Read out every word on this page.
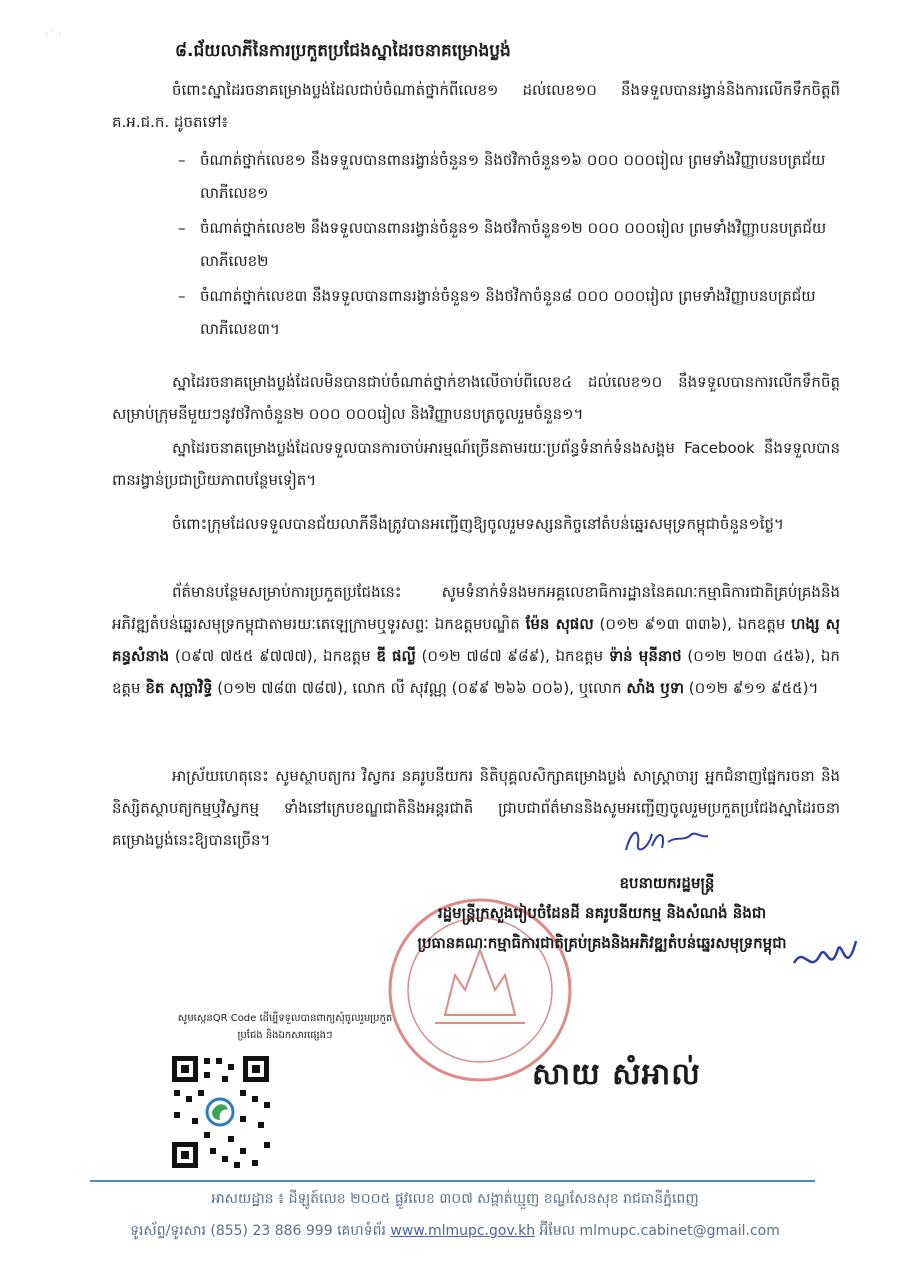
· ˙ ·
៨.ជ័យលាភីនៃការប្រកួតប្រជែងស្នាដៃរចនាគម្រោងប្លង់

ចំពោះស្នាដៃរចនាគម្រោងប្លង់ដែលជាប់ចំណាត់ថ្នាក់ពីលេខ១ ដល់លេខ១០ នឹងទទួលបានរង្វាន់និងការលើកទឹកចិត្តពី គ.អ.ជ.ក. ដូចតទៅ៖

– ចំណាត់ថ្នាក់លេខ១ នឹងទទួលបានពានរង្វាន់ចំនួន១ និងថវិកាចំនួន១៦ ០០០ ០០០រៀល ព្រមទាំងវិញ្ញាបនបត្រជ័យលាភីលេខ១
– ចំណាត់ថ្នាក់លេខ២ នឹងទទួលបានពានរង្វាន់ចំនួន១ និងថវិកាចំនួន១២ ០០០ ០០០រៀល ព្រមទាំងវិញ្ញាបនបត្រជ័យលាភីលេខ២
– ចំណាត់ថ្នាក់លេខ៣ នឹងទទួលបានពានរង្វាន់ចំនួន១ និងថវិកាចំនួន៨ ០០០ ០០០រៀល ព្រមទាំងវិញ្ញាបនបត្រជ័យលាភីលេខ៣។

ស្នាដៃរចនាគម្រោងប្លង់ដែលមិនបានជាប់ចំណាត់ថ្នាក់ខាងលើចាប់ពីលេខ៤ ដល់លេខ១០ នឹងទទួលបានការលើកទឹកចិត្តសម្រាប់ក្រុមនីមួយៗនូវថវិកាចំនួន២ ០០០ ០០០រៀល និងវិញ្ញាបនបត្រចូលរួមចំនួន១។

ស្នាដៃរចនាគម្រោងប្លង់ដែលទទួលបានការចាប់អារម្មណ៍ច្រើនតាមរយៈប្រព័ន្ធទំនាក់ទំនងសង្គម Facebook នឹងទទួលបានពានរង្វាន់ប្រជាប្រិយភាពបន្ថែមទៀត។

ចំពោះក្រុមដែលទទួលបានជ័យលាភីនឹងត្រូវបានអញ្ជើញឱ្យចូលរួមទស្សនកិច្ចនៅតំបន់ឆ្នេរសមុទ្រកម្ពុជាចំនួន១ថ្ងៃ។

ព័ត៌មានបន្ថែមសម្រាប់ការប្រកួតប្រជែងនេះ សូមទំនាក់ទំនងមកអគ្គលេខាធិការដ្ឋាននៃគណៈកម្មាធិការជាតិគ្រប់គ្រងនិងអភិវឌ្ឍតំបន់ឆ្នេរសមុទ្រកម្ពុជាតាមរយៈតេឡេក្រាមឬទូរសព្ទៈ ឯកឧត្តមបណ្ឌិត ម៉ែន សុផល (០១២ ៩១៣ ៣៣៦), ឯកឧត្តម ហង្ស សុគន្ធសំនាង (០៩៧ ៧៥៥ ៩៧៧៧), ឯកឧត្តម ឌី ផល្លី (០១២ ៧៨៧ ៩៨៩), ឯកឧត្តម ទ៉ាន់ មុនីនាថ (០១២ ២០៣ ៤៥៦), ឯកឧត្តម ខិត សុច្ឆាវិទ្ធិ (០១២ ៧៨៣ ៧៨៧), លោក លី សុវណ្ណ (០៩៩ ២៦៦ ០០៦), ឬលោក សាំង ឫទា (០១២ ៩១១ ៩៥៥)។

អាស្រ័យហេតុនេះ សូមស្ថាបត្យករ វិស្វករ នគរូបនីយករ និតិបុគ្គលសិក្សាគម្រោងប្លង់ សាស្ត្រាចារ្យ អ្នកជំនាញផ្នែករចនា និងនិស្សិតស្ថាបត្យកម្មឬវិស្វកម្ម ទាំងនៅក្រេបខណ្ឌជាតិនិងអន្តរជាតិ ជ្រាបជាព័ត៌មាននិងសូមអញ្ជើញចូលរួមប្រកួតប្រជែងស្នាដៃរចនាគម្រោងប្លង់នេះឱ្យបានច្រើន។

ឧបនាយករដ្ឋមន្ត្រី
រដ្ឋមន្ត្រីក្រសួងរៀបចំដែនដី នគរូបនីយកម្ម និងសំណង់ និងជា
ប្រធានគណៈកម្មាធិការជាតិគ្រប់គ្រងនិងអភិវឌ្ឍតំបន់ឆ្នេរសមុទ្រកម្ពុជា
សាយ សំអាល់
សូមស្កេនQR Code ដើម្បីទទួលបានពាក្យសុំចូលរួមប្រកួតប្រជែង និងឯកសារផ្សេងៗ
អាសយដ្ឋាន ៖ ដីឡូត៍លេខ ២០០៥ ផ្លូវលេខ ៣០៧ សង្កាត់ឃ្មួញ ខណ្ឌសែនសុខ រាជធានីភ្នំពេញ
ទូរស័ព្ទ/ទូរសារ (855) 23 886 999 គេហទំព័រ www.mlmupc.gov.kh អ៊ីមែល mlmupc.cabinet@gmail.com
